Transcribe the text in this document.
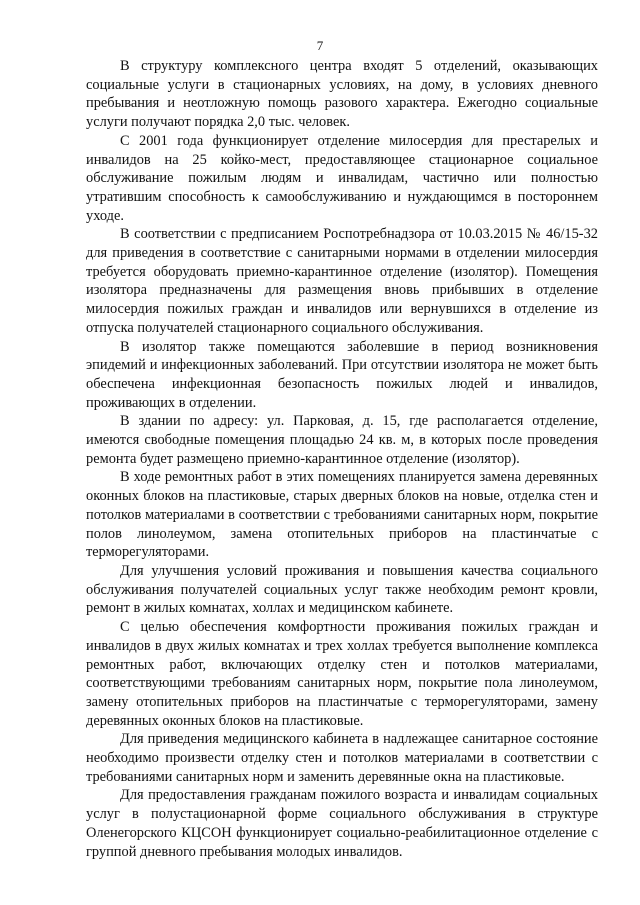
7

В структуру комплексного центра входят 5 отделений, оказывающих социальные услуги в стационарных условиях, на дому, в условиях дневного пребывания и неотложную помощь разового характера. Ежегодно социальные услуги получают порядка 2,0 тыс. человек.

С 2001 года функционирует отделение милосердия для престарелых и инвалидов на 25 койко-мест, предоставляющее стационарное социальное обслуживание пожилым людям и инвалидам, частично или полностью утратившим способность к самообслуживанию и нуждающимся в постороннем уходе.

В соответствии с предписанием Роспотребнадзора от 10.03.2015 № 46/15-32 для приведения в соответствие с санитарными нормами в отделении милосердия требуется оборудовать приемно-карантинное отделение (изолятор). Помещения изолятора предназначены для размещения вновь прибывших в отделение милосердия пожилых граждан и инвалидов или вернувшихся в отделение из отпуска получателей стационарного социального обслуживания.

В изолятор также помещаются заболевшие в период возникновения эпидемий и инфекционных заболеваний. При отсутствии изолятора не может быть обеспечена инфекционная безопасность пожилых людей и инвалидов, проживающих в отделении.

В здании по адресу: ул. Парковая, д. 15, где располагается отделение, имеются свободные помещения площадью 24 кв. м, в которых после проведения ремонта будет размещено приемно-карантинное отделение (изолятор).

В ходе ремонтных работ в этих помещениях планируется замена деревянных оконных блоков на пластиковые, старых дверных блоков на новые, отделка стен и потолков материалами в соответствии с требованиями санитарных норм, покрытие полов линолеумом, замена отопительных приборов на пластинчатые с терморегуляторами.

Для улучшения условий проживания и повышения качества социального обслуживания получателей социальных услуг также необходим ремонт кровли, ремонт в жилых комнатах, холлах и медицинском кабинете.

С целью обеспечения комфортности проживания пожилых граждан и инвалидов в двух жилых комнатах и трех холлах требуется выполнение комплекса ремонтных работ, включающих отделку стен и потолков материалами, соответствующими требованиям санитарных норм, покрытие пола линолеумом, замену отопительных приборов на пластинчатые с терморегуляторами, замену деревянных оконных блоков на пластиковые.

Для приведения медицинского кабинета в надлежащее санитарное состояние необходимо произвести отделку стен и потолков материалами в соответствии с требованиями санитарных норм и заменить деревянные окна на пластиковые.

Для предоставления гражданам пожилого возраста и инвалидам социальных услуг в полустационарной форме социального обслуживания в структуре Оленегорского КЦСОН функционирует социально-реабилитационное отделение с группой дневного пребывания молодых инвалидов.
